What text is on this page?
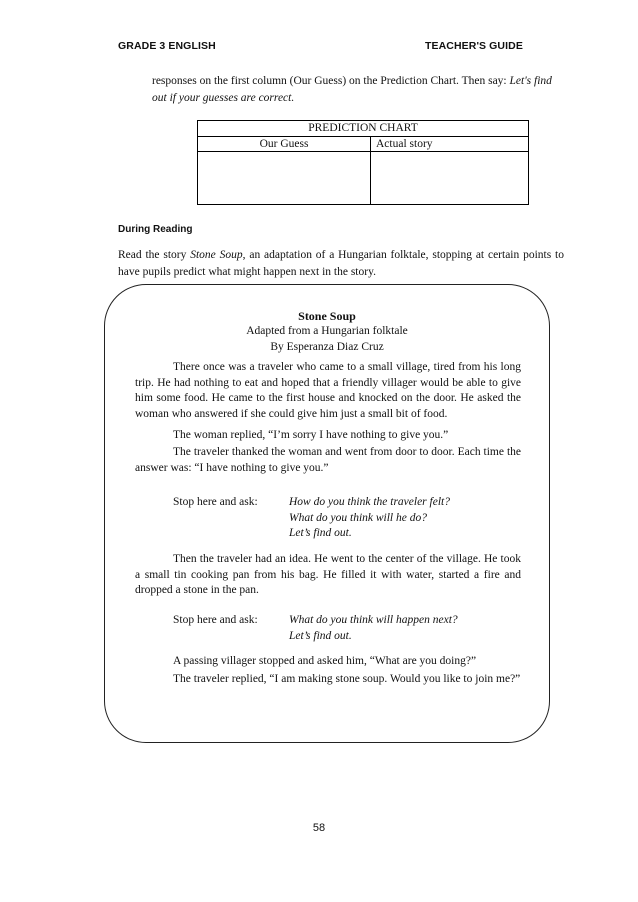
GRADE 3 ENGLISH	TEACHER'S GUIDE
responses on the first column (Our Guess) on the Prediction Chart. Then say: Let's find out if your guesses are correct.
PREDICTION CHART	
Our Guess	Actual story

During Reading
Read the story Stone Soup, an adaptation of a Hungarian folktale, stopping at certain points to have pupils predict what might happen next in the story.
Stone Soup
Adapted from a Hungarian folktale
By Esperanza Diaz Cruz
There once was a traveler who came to a small village, tired from his long trip. He had nothing to eat and hoped that a friendly villager would be able to give him some food. He came to the first house and knocked on the door. He asked the woman who answered if she could give him just a small bit of food.
The woman replied, “I’m sorry I have nothing to give you.”
The traveler thanked the woman and went from door to door. Each time the answer was: “I have nothing to give you.”
Stop here and ask:	How do you think the traveler felt?
What do you think will he do?
Let’s find out.
Then the traveler had an idea. He went to the center of the village. He took a small tin cooking pan from his bag. He filled it with water, started a fire and dropped a stone in the pan.
Stop here and ask:	What do you think will happen next?
Let’s find out.
A passing villager stopped and asked him, “What are you doing?”
The traveler replied, “I am making stone soup. Would you like to join me?”
58
